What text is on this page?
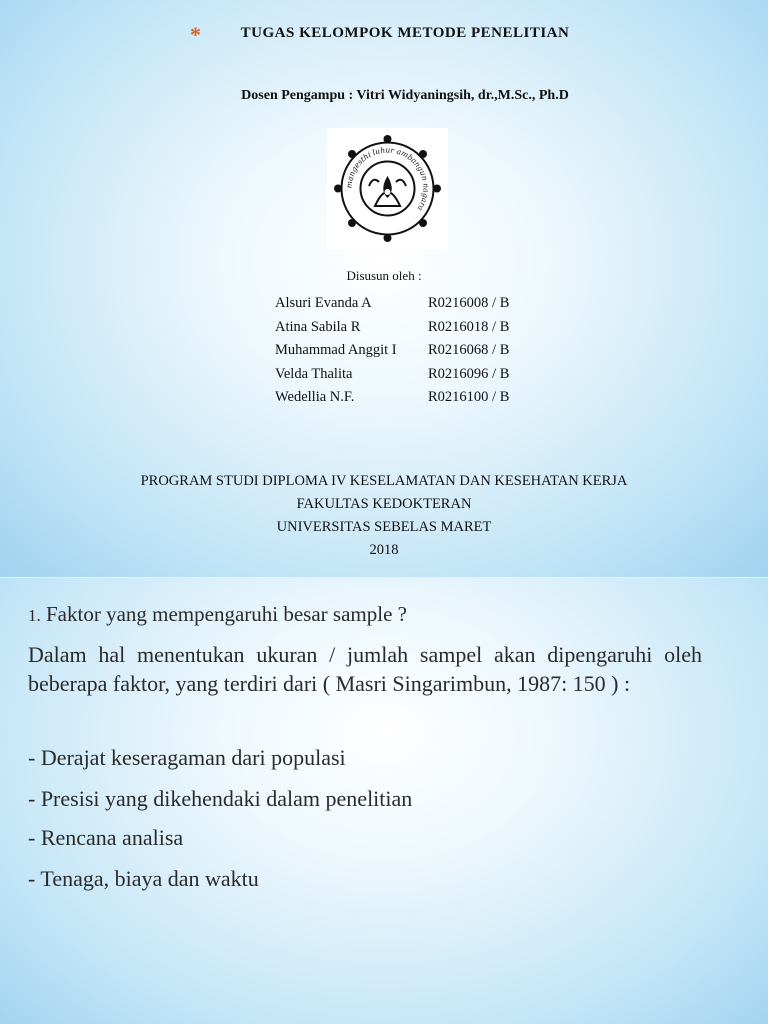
*	TUGAS KELOMPOK METODE PENELITIAN
Dosen Pengampu : Vitri Widyaningsih, dr.,M.Sc., Ph.D
mangesthi luhur ambangun nagara
Disusun oleh :
Alsuri Evanda A	R0216008 / B
Atina Sabila R	R0216018 / B
Muhammad Anggit I	R0216068 / B
Velda Thalita	R0216096 / B
Wedellia N.F.	R0216100 / B
PROGRAM STUDI DIPLOMA IV KESELAMATAN DAN KESEHATAN KERJA
FAKULTAS KEDOKTERAN
UNIVERSITAS SEBELAS MARET
2018
1. Faktor yang mempengaruhi besar sample ?
Dalam hal menentukan ukuran / jumlah sampel akan dipengaruhi oleh beberapa faktor, yang terdiri dari ( Masri Singarimbun, 1987: 150 ) :
- Derajat keseragaman dari populasi
- Presisi yang dikehendaki dalam penelitian
- Rencana analisa
- Tenaga, biaya dan waktu
